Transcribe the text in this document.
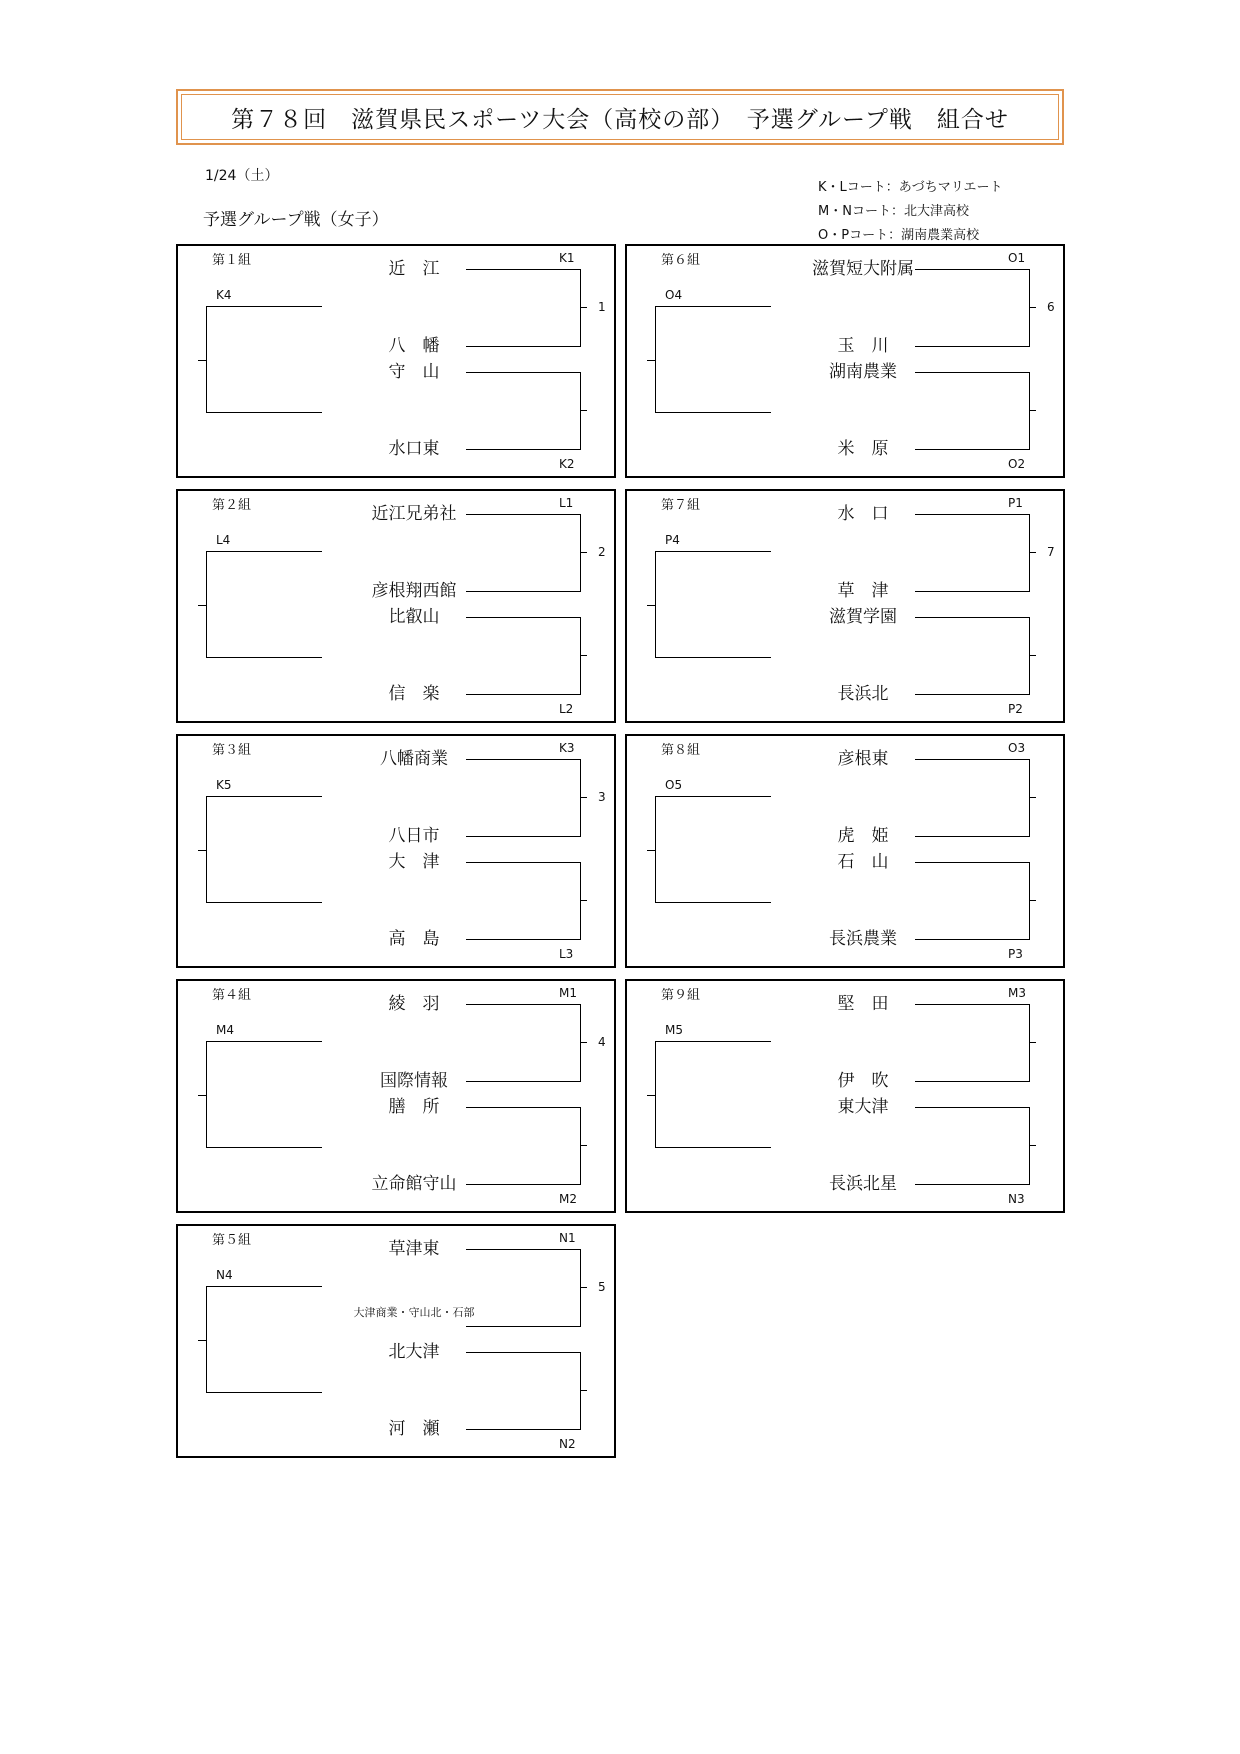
第７８回　滋賀県民スポーツ大会（高校の部）　予選グループ戦　組合せ
1/24（土）
予選グループ戦（女子）
K・Lコート：あづちマリエート
M・Nコート：北大津高校
O・Pコート：湖南農業高校
第１組	近　江
八　幡
守　山
水口東
K1
K2
K4
1
第２組	近江兄弟社
彦根翔西館
比叡山
信　楽
L1
L2
L4
2
第３組	八幡商業
八日市
大　津
高　島
K3
L3
K5
3
第４組	綾　羽
国際情報
膳　所
立命館守山
M1
M2
M4
4
第５組	草津東
大津商業・守山北・石部
北大津
河　瀬
N1
N2
N4
5
第６組	滋賀短大附属
玉　川
湖南農業
米　原
O1
O2
O4
6
第７組	水　口
草　津
滋賀学園
長浜北
P1
P2
P4
7
第８組	彦根東
虎　姫
石　山
長浜農業
O3
P3
O5
第９組	堅　田
伊　吹
東大津
長浜北星
M3
N3
M5
